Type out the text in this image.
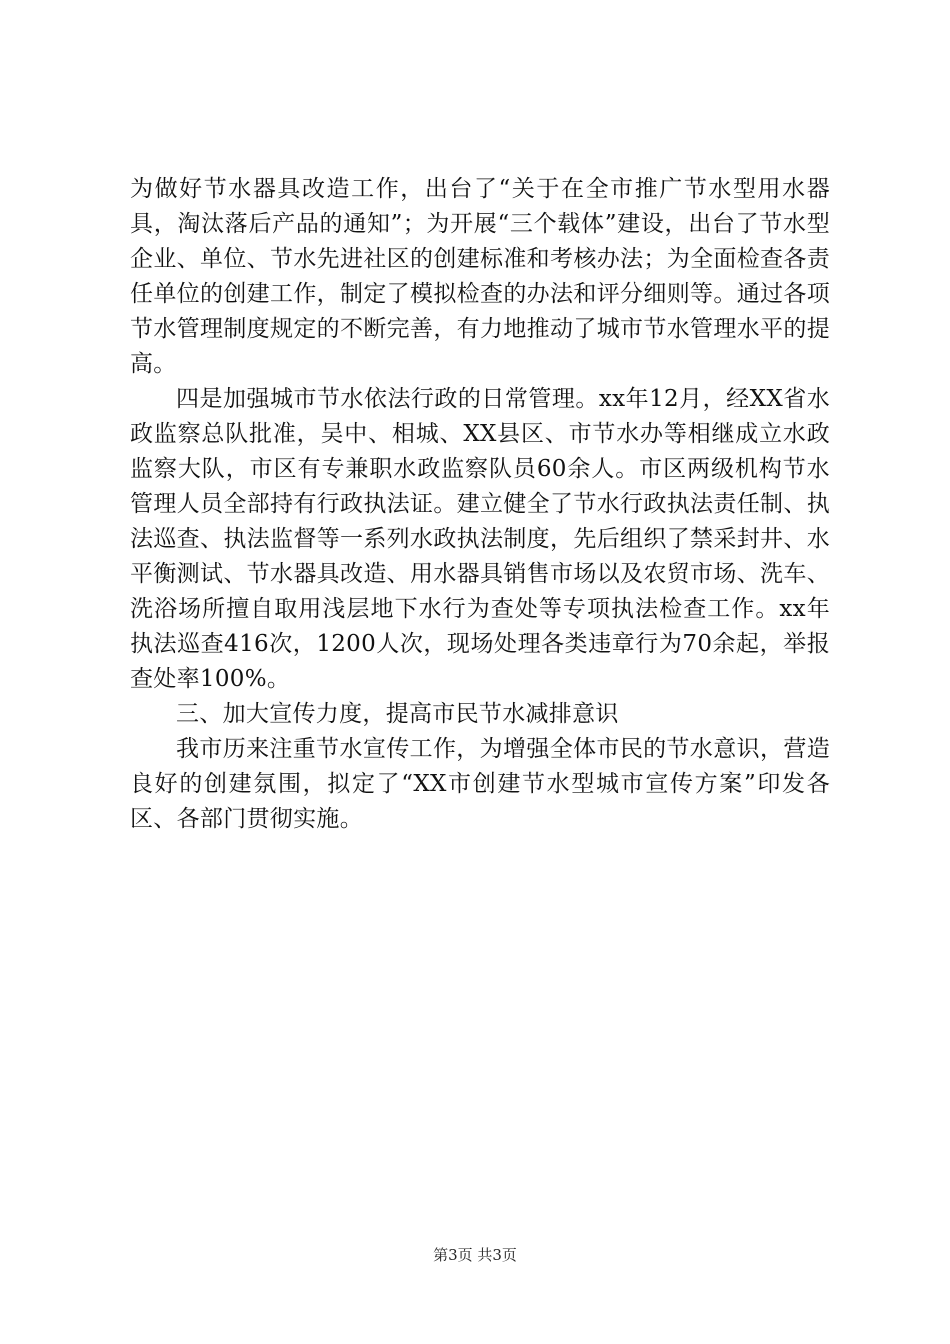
为做好节水器具改造工作，出台了“关于在全市推广节水型用水器具，淘汰落后产品的通知”；为开展“三个载体”建设，出台了节水型企业、单位、节水先进社区的创建标准和考核办法；为全面检查各责任单位的创建工作，制定了模拟检查的办法和评分细则等。通过各项节水管理制度规定的不断完善，有力地推动了城市节水管理水平的提高。

四是加强城市节水依法行政的日常管理。xx年12月，经XX省水政监察总队批准，吴中、相城、XX县区、市节水办等相继成立水政监察大队，市区有专兼职水政监察队员60余人。市区两级机构节水管理人员全部持有行政执法证。建立健全了节水行政执法责任制、执法巡查、执法监督等一系列水政执法制度，先后组织了禁采封井、水平衡测试、节水器具改造、用水器具销售市场以及农贸市场、洗车、洗浴场所擅自取用浅层地下水行为查处等专项执法检查工作。xx年执法巡查416次，1200人次，现场处理各类违章行为70余起，举报查处率100%。

三、加大宣传力度，提高市民节水减排意识

我市历来注重节水宣传工作，为增强全体市民的节水意识，营造良好的创建氛围，拟定了“XX市创建节水型城市宣传方案”印发各区、各部门贯彻实施。

第3页 共3页
